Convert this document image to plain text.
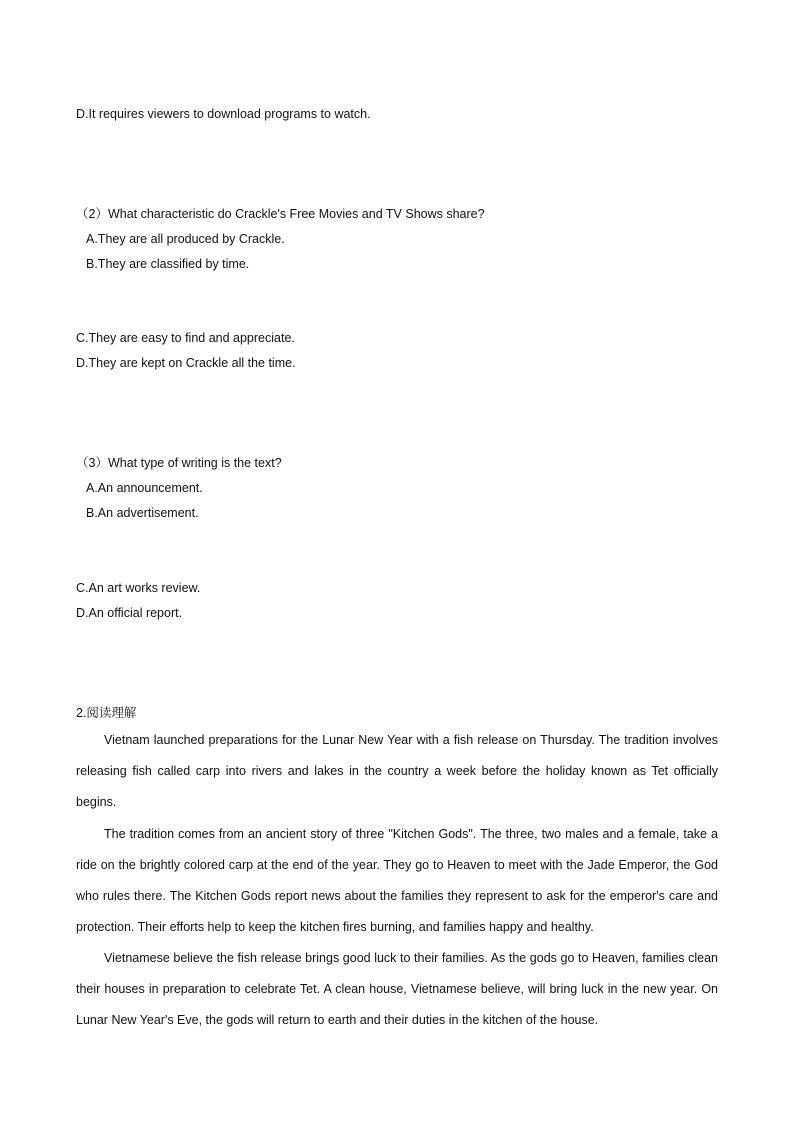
D.It requires viewers to download programs to watch.
（2）What characteristic do Crackle's Free Movies and TV Shows share?
A.They are all produced by Crackle.
B.They are classified by time.
C.They are easy to find and appreciate.
D.They are kept on Crackle all the time.
（3）What type of writing is the text?
A.An announcement.
B.An advertisement.
C.An art works review.
D.An official report.
2.阅读理解

Vietnam launched preparations for the Lunar New Year with a fish release on Thursday. The tradition involves releasing fish called carp into rivers and lakes in the country a week before the holiday known as Tet officially begins.

The tradition comes from an ancient story of three "Kitchen Gods". The three, two males and a female, take a ride on the brightly colored carp at the end of the year. They go to Heaven to meet with the Jade Emperor, the God who rules there. The Kitchen Gods report news about the families they represent to ask for the emperor's care and protection. Their efforts help to keep the kitchen fires burning, and families happy and healthy.

Vietnamese believe the fish release brings good luck to their families. As the gods go to Heaven, families clean their houses in preparation to celebrate Tet. A clean house, Vietnamese believe, will bring luck in the new year. On Lunar New Year's Eve, the gods will return to earth and their duties in the kitchen of the house.
